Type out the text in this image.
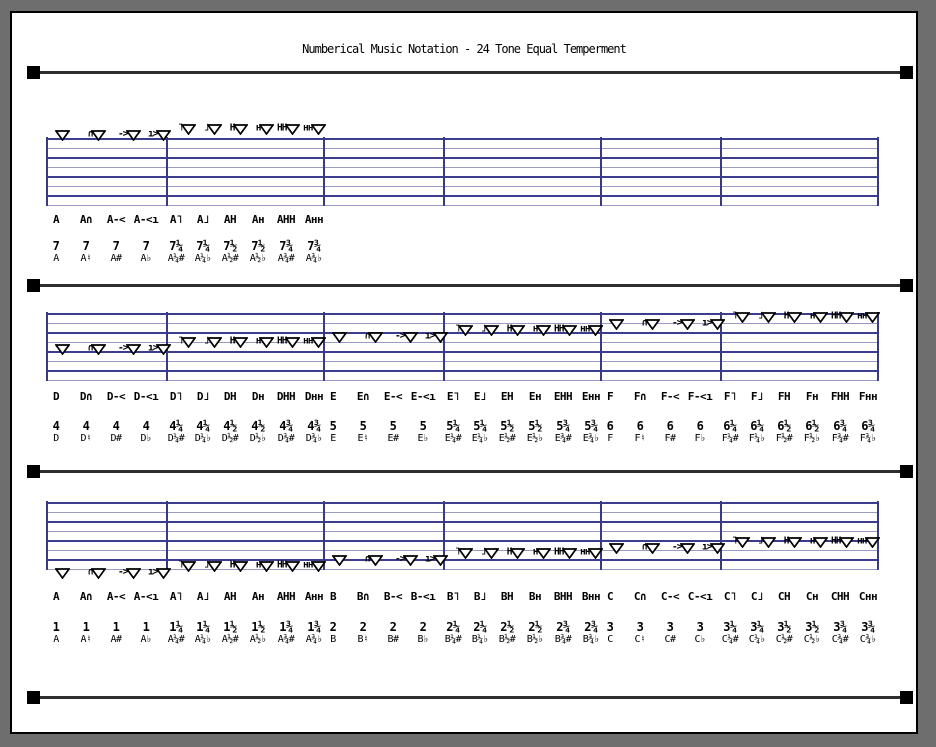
Numberical Music Notation - 24 Tone Equal Temperment
A
7
A
∩
A∩
7
A♮
->
A-<
7
A#
ı>
A-<ı
7
A♭
˥
A˥
7¼
A¼#
˩
A˩
7¼
A¼♭
H
AH
7½
A½#
н
Aн
7½
A½♭
HH
AHH
7¾
A¾#
нн
Aнн
7¾
A¾♭
D
4
D
∩
D∩
4
D♮
->
D-<
4
D#
ı>
D-<ı
4
D♭
˥
D˥
4¼
D¼#
˩
D˩
4¼
D¼♭
H
DH
4½
D½#
н
Dн
4½
D½♭
HH
DHH
4¾
D¾#
нн
Dнн
4¾
D¾♭
E
5
E
∩
E∩
5
E♮
->
E-<
5
E#
ı>
E-<ı
5
E♭
˥
E˥
5¼
E¼#
˩
E˩
5¼
E¼♭
H
EH
5½
E½#
н
Eн
5½
E½♭
HH
EHH
5¾
E¾#
нн
Eнн
5¾
E¾♭
F
6
F
∩
F∩
6
F♮
->
F-<
6
F#
ı>
F-<ı
6
F♭
˥
F˥
6¼
F¼#
˩
F˩
6¼
F¼♭
H
FH
6½
F½#
н
Fн
6½
F½♭
HH
FHH
6¾
F¾#
нн
Fнн
6¾
F¾♭
A
1
A
∩
A∩
1
A♮
->
A-<
1
A#
ı>
A-<ı
1
A♭
˥
A˥
1¼
A¼#
˩
A˩
1¼
A¼♭
H
AH
1½
A½#
н
Aн
1½
A½♭
HH
AHH
1¾
A¾#
нн
Aнн
1¾
A¾♭
B
2
B
∩
B∩
2
B♮
->
B-<
2
B#
ı>
B-<ı
2
B♭
˥
B˥
2¼
B¼#
˩
B˩
2¼
B¼♭
H
BH
2½
B½#
н
Bн
2½
B½♭
HH
BHH
2¾
B¾#
нн
Bнн
2¾
B¾♭
C
3
C
∩
C∩
3
C♮
->
C-<
3
C#
ı>
C-<ı
3
C♭
˥
C˥
3¼
C¼#
˩
C˩
3¼
C¼♭
H
CH
3½
C½#
н
Cн
3½
C½♭
HH
CHH
3¾
C¾#
нн
Cнн
3¾
C¾♭
